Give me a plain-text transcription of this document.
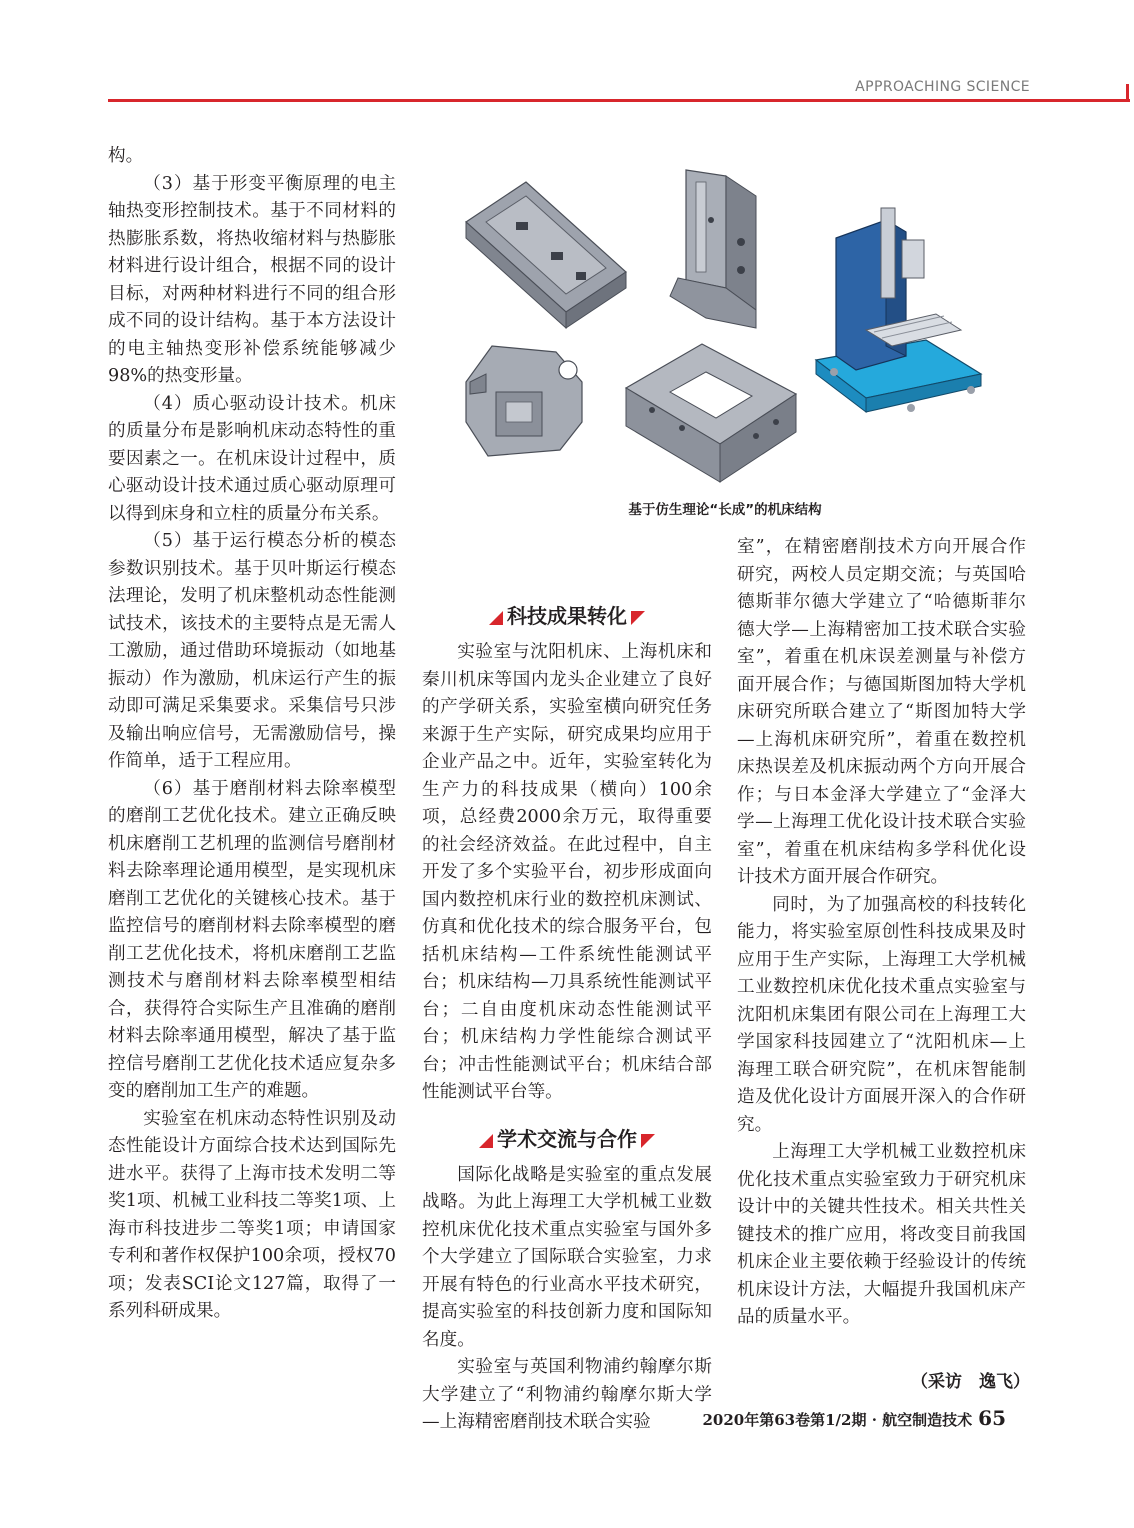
APPROACHING SCIENCE

构。

（3）基于形变平衡原理的电主轴热变形控制技术。基于不同材料的热膨胀系数，将热收缩材料与热膨胀材料进行设计组合，根据不同的设计目标，对两种材料进行不同的组合形成不同的设计结构。基于本方法设计的电主轴热变形补偿系统能够减少98%的热变形量。

（4）质心驱动设计技术。机床的质量分布是影响机床动态特性的重要因素之一。在机床设计过程中，质心驱动设计技术通过质心驱动原理可以得到床身和立柱的质量分布关系。

（5）基于运行模态分析的模态参数识别技术。基于贝叶斯运行模态法理论，发明了机床整机动态性能测试技术，该技术的主要特点是无需人工激励，通过借助环境振动（如地基振动）作为激励，机床运行产生的振动即可满足采集要求。采集信号只涉及输出响应信号，无需激励信号，操作简单，适于工程应用。

（6）基于磨削材料去除率模型的磨削工艺优化技术。建立正确反映机床磨削工艺机理的监测信号磨削材料去除率理论通用模型，是实现机床磨削工艺优化的关键核心技术。基于监控信号的磨削材料去除率模型的磨削工艺优化技术，将机床磨削工艺监测技术与磨削材料去除率模型相结合，获得符合实际生产且准确的磨削材料去除率通用模型，解决了基于监控信号磨削工艺优化技术适应复杂多变的磨削加工生产的难题。

实验室在机床动态特性识别及动态性能设计方面综合技术达到国际先进水平。获得了上海市技术发明二等奖1项、机械工业科技二等奖1项、上海市科技进步二等奖1项；申请国家专利和著作权保护100余项，授权70项；发表SCI论文127篇，取得了一系列科研成果。

基于仿生理论“长成”的机床结构
科技成果转化

实验室与沈阳机床、上海机床和秦川机床等国内龙头企业建立了良好的产学研关系，实验室横向研究任务来源于生产实际，研究成果均应用于企业产品之中。近年，实验室转化为生产力的科技成果（横向）100余项，总经费2000余万元，取得重要的社会经济效益。在此过程中，自主开发了多个实验平台，初步形成面向国内数控机床行业的数控机床测试、仿真和优化技术的综合服务平台，包括机床结构—工件系统性能测试平台；机床结构—刀具系统性能测试平台；二自由度机床动态性能测试平台；机床结构力学性能综合测试平台；冲击性能测试平台；机床结合部性能测试平台等。

学术交流与合作

国际化战略是实验室的重点发展战略。为此上海理工大学机械工业数控机床优化技术重点实验室与国外多个大学建立了国际联合实验室，力求开展有特色的行业高水平技术研究，提高实验室的科技创新力度和国际知名度。

实验室与英国利物浦约翰摩尔斯大学建立了“利物浦约翰摩尔斯大学—上海精密磨削技术联合实验

室”，在精密磨削技术方向开展合作研究，两校人员定期交流；与英国哈德斯菲尔德大学建立了“哈德斯菲尔德大学—上海精密加工技术联合实验室”，着重在机床误差测量与补偿方面开展合作；与德国斯图加特大学机床研究所联合建立了“斯图加特大学—上海机床研究所”，着重在数控机床热误差及机床振动两个方向开展合作；与日本金泽大学建立了“金泽大学—上海理工优化设计技术联合实验室”，着重在机床结构多学科优化设计技术方面开展合作研究。

同时，为了加强高校的科技转化能力，将实验室原创性科技成果及时应用于生产实际，上海理工大学机械工业数控机床优化技术重点实验室与沈阳机床集团有限公司在上海理工大学国家科技园建立了“沈阳机床—上海理工联合研究院”，在机床智能制造及优化设计方面展开深入的合作研究。

上海理工大学机械工业数控机床优化技术重点实验室致力于研究机床设计中的关键共性技术。相关共性关键技术的推广应用，将改变目前我国机床企业主要依赖于经验设计的传统机床设计方法，大幅提升我国机床产品的质量水平。

（采访　逸飞）
2020年第63卷第1/2期 · 航空制造技术 65
